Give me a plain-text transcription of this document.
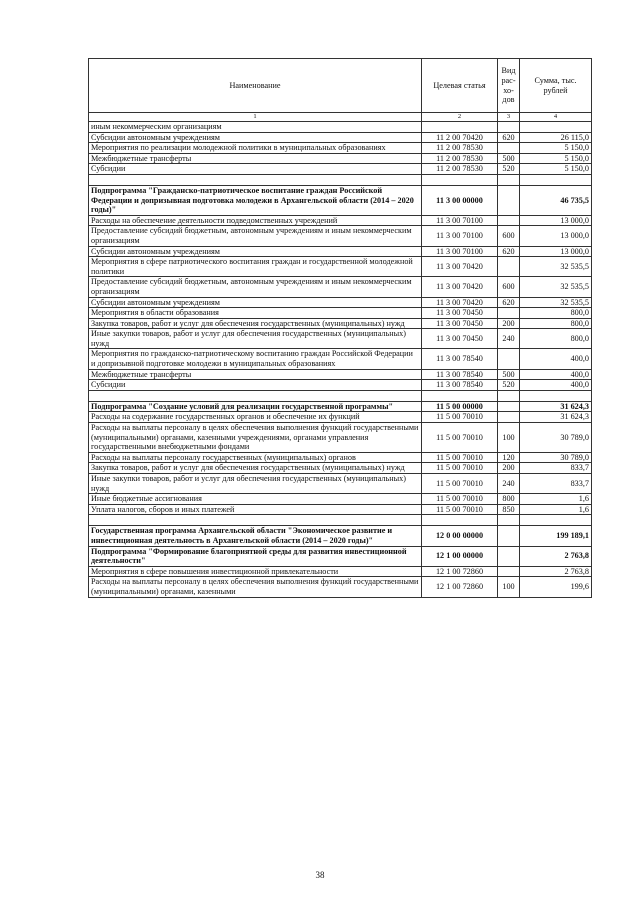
Наименование	Целевая статья	Вид рас-хо-дов	Сумма, тыс. рублей
1	2	3	4
иным некоммерческим организациям			
Субсидии автономным учреждениям	11 2 00 70420	620	26 115,0
Мероприятия по реализации молодежной политики в муниципальных образованиях	11 2 00 78530		5 150,0
Межбюджетные трансферты	11 2 00 78530	500	5 150,0
Субсидии	11 2 00 78530	520	5 150,0

Подпрограмма "Гражданско-патриотическое воспитание граждан Российской Федерации и допризывная подготовка молодежи в Архангельской области (2014 – 2020 годы)"	11 3 00 00000		46 735,5
Расходы на обеспечение деятельности подведомственных учреждений	11 3 00 70100		13 000,0
Предоставление субсидий бюджетным, автономным учреждениям и иным некоммерческим организациям	11 3 00 70100	600	13 000,0
Субсидии автономным учреждениям	11 3 00 70100	620	13 000,0
Мероприятия в сфере патриотического воспитания граждан и государственной молодежной политики	11 3 00 70420		32 535,5
Предоставление субсидий бюджетным, автономным учреждениям и иным некоммерческим организациям	11 3 00 70420	600	32 535,5
Субсидии автономным учреждениям	11 3 00 70420	620	32 535,5
Мероприятия в области образования	11 3 00 70450		800,0
Закупка товаров, работ и услуг для обеспечения государственных (муниципальных) нужд	11 3 00 70450	200	800,0
Иные закупки товаров, работ и услуг для обеспечения государственных (муниципальных) нужд	11 3 00 70450	240	800,0
Мероприятия по гражданско-патриотическому воспитанию граждан Российской Федерации и допризывной подготовке молодежи в муниципальных образованиях	11 3 00 78540		400,0
Межбюджетные трансферты	11 3 00 78540	500	400,0
Субсидии	11 3 00 78540	520	400,0

Подпрограмма "Создание условий для реализации государственной программы"	11 5 00 00000		31 624,3
Расходы на содержание государственных органов и обеспечение их функций	11 5 00 70010		31 624,3
Расходы на выплаты персоналу в целях обеспечения выполнения функций государственными (муниципальными) органами, казенными учреждениями, органами управления государственными внебюджетными фондами	11 5 00 70010	100	30 789,0
Расходы на выплаты персоналу государственных (муниципальных) органов	11 5 00 70010	120	30 789,0
Закупка товаров, работ и услуг для обеспечения государственных (муниципальных) нужд	11 5 00 70010	200	833,7
Иные закупки товаров, работ и услуг для обеспечения государственных (муниципальных) нужд	11 5 00 70010	240	833,7
Иные бюджетные ассигнования	11 5 00 70010	800	1,6
Уплата налогов, сборов и иных платежей	11 5 00 70010	850	1,6

Государственная программа Архангельской области "Экономическое развитие и инвестиционная деятельность в Архангельской области (2014 – 2020 годы)"	12 0 00 00000		199 189,1
Подпрограмма "Формирование благоприятной среды для развития инвестиционной деятельности"	12 1 00 00000		2 763,8
Мероприятия в сфере повышения инвестиционной привлекательности	12 1 00 72860		2 763,8
Расходы на выплаты персоналу в целях обеспечения выполнения функций государственными (муниципальными) органами, казенными	12 1 00 72860	100	199,6
38
